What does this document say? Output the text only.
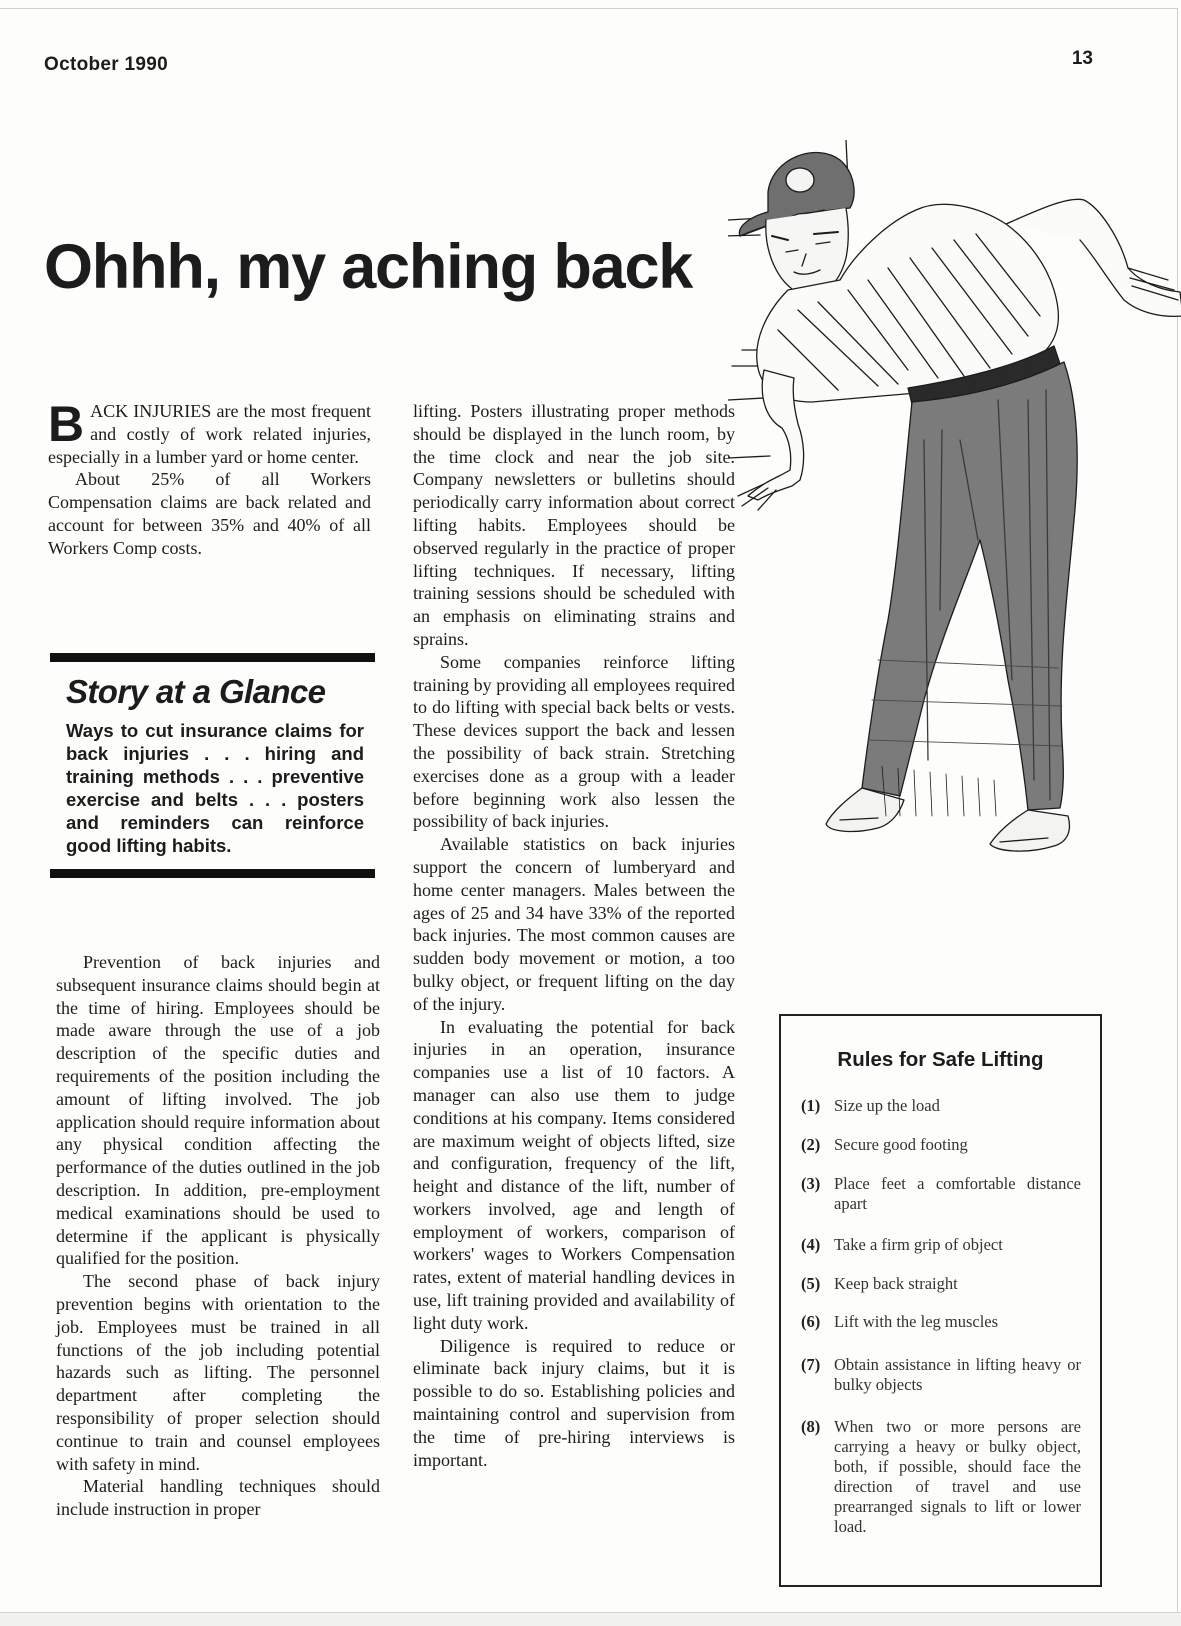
October 1990	13
Ohhh, my aching back

BACK INJURIES are the most frequent and costly of work related injuries, especially in a lumber yard or home center.

About 25% of all Workers Compensation claims are back related and account for between 35% and 40% of all Workers Comp costs.

Story at a Glance

Ways to cut insurance claims for back injuries . . . hiring and training methods . . . preventive exercise and belts . . . posters and reminders can reinforce good lifting habits.

Prevention of back injuries and subsequent insurance claims should begin at the time of hiring. Employees should be made aware through the use of a job description of the specific duties and requirements of the position including the amount of lifting involved. The job application should require information about any physical condition affecting the performance of the duties outlined in the job description. In addition, pre-employment medical examinations should be used to determine if the applicant is physically qualified for the position.

The second phase of back injury prevention begins with orientation to the job. Employees must be trained in all functions of the job including potential hazards such as lifting. The personnel department after completing the responsibility of proper selection should continue to train and counsel employees with safety in mind.

Material handling techniques should include instruction in proper

lifting. Posters illustrating proper methods should be displayed in the lunch room, by the time clock and near the job site. Company newsletters or bulletins should periodically carry information about correct lifting habits. Employees should be observed regularly in the practice of proper lifting techniques. If necessary, lifting training sessions should be scheduled with an emphasis on eliminating strains and sprains.

Some companies reinforce lifting training by providing all employees required to do lifting with special back belts or vests. These devices support the back and lessen the possibility of back strain. Stretching exercises done as a group with a leader before beginning work also lessen the possibility of back injuries.

Available statistics on back injuries support the concern of lumberyard and home center managers. Males between the ages of 25 and 34 have 33% of the reported back injuries. The most common causes are sudden body movement or motion, a too bulky object, or frequent lifting on the day of the injury.

In evaluating the potential for back injuries in an operation, insurance companies use a list of 10 factors. A manager can also use them to judge conditions at his company. Items considered are maximum weight of objects lifted, size and configuration, frequency of the lift, height and distance of the lift, number of workers involved, age and length of employment of workers, comparison of workers' wages to Workers Compensation rates, extent of material handling devices in use, lift training provided and availability of light duty work.

Diligence is required to reduce or eliminate back injury claims, but it is possible to do so. Establishing policies and maintaining control and supervision from the time of pre-hiring interviews is important.

Rules for Safe Lifting
(1) Size up the load
(2) Secure good footing
(3) Place feet a comfortable distance apart
(4) Take a firm grip of object
(5) Keep back straight
(6) Lift with the leg muscles
(7) Obtain assistance in lifting heavy or bulky objects
(8) When two or more persons are carrying a heavy or bulky object, both, if possible, should face the direction of travel and use prearranged signals to lift or lower load.
